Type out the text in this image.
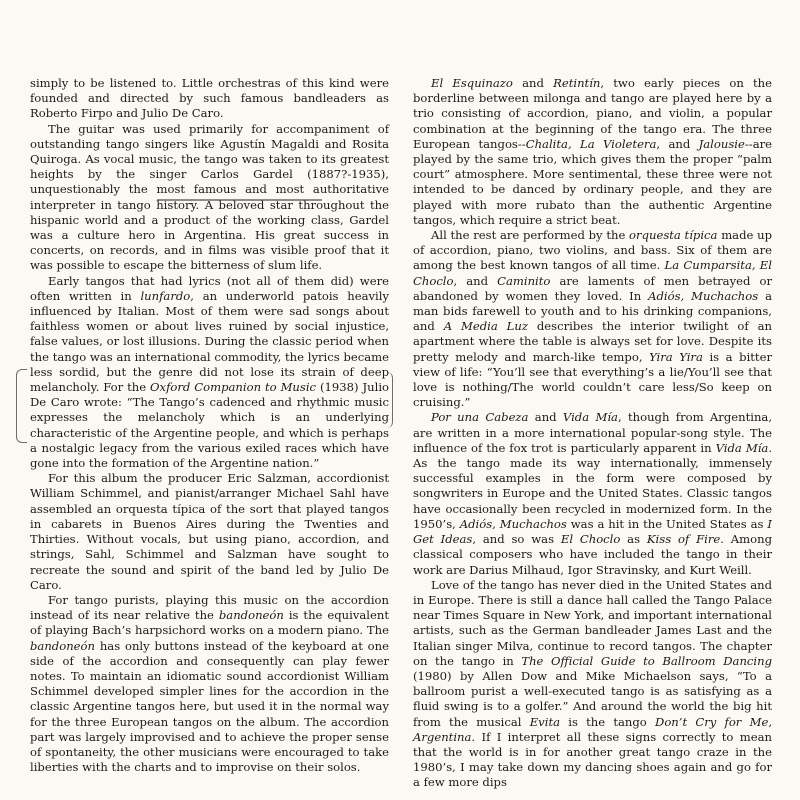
simply to be listened to. Little orchestras of this kind were founded and directed by such famous bandleaders as Roberto Firpo and Julio De Caro.

The guitar was used primarily for accompaniment of outstanding tango singers like Agustín Magaldi and Rosita Quiroga. As vocal music, the tango was taken to its greatest heights by the singer Carlos Gardel (1887?-1935), unquestionably the most famous and most authoritative interpreter in tango history. A beloved star throughout the hispanic world and a product of the working class, Gardel was a culture hero in Argentina. His great success in concerts, on records, and in films was visible proof that it was possible to escape the bitterness of slum life.

Early tangos that had lyrics (not all of them did) were often written in lunfardo, an underworld patois heavily influenced by Italian. Most of them were sad songs about faithless women or about lives ruined by social injustice, false values, or lost illusions. During the classic period when the tango was an international commodity, the lyrics became less sordid, but the genre did not lose its strain of deep melancholy. For the Oxford Companion to Music (1938) Julio De Caro wrote: “The Tango’s cadenced and rhythmic music expresses the melancholy which is an underlying characteristic of the Argentine people, and which is perhaps a nostalgic legacy from the various exiled races which have gone into the formation of the Argentine nation.”

For this album the producer Eric Salzman, accordionist William Schimmel, and pianist/arranger Michael Sahl have assembled an orquesta típica of the sort that played tangos in cabarets in Buenos Aires during the Twenties and Thirties. Without vocals, but using piano, accordion, and strings, Sahl, Schimmel and Salzman have sought to recreate the sound and spirit of the band led by Julio De Caro.

For tango purists, playing this music on the accordion instead of its near relative the bandoneón is the equivalent of playing Bach’s harpsichord works on a modern piano. The bandoneón has only buttons instead of the keyboard at one side of the accordion and consequently can play fewer notes. To maintain an idiomatic sound accordionist William Schimmel developed simpler lines for the accordion in the classic Argentine tangos here, but used it in the normal way for the three European tangos on the album. The accordion part was largely improvised and to achieve the proper sense of spontaneity, the other musicians were encouraged to take liberties with the charts and to improvise on their solos.

El Esquinazo and Retintín, two early pieces on the borderline between milonga and tango are played here by a trio consisting of accordion, piano, and violin, a popular combination at the beginning of the tango era. The three European tangos--Chalita, La Violetera, and Jalousie--are played by the same trio, which gives them the proper “palm court” atmosphere. More sentimental, these three were not intended to be danced by ordinary people, and they are played with more rubato than the authentic Argentine tangos, which require a strict beat.

All the rest are performed by the orquesta típica made up of accordion, piano, two violins, and bass. Six of them are among the best known tangos of all time. La Cumparsita, El Choclo, and Caminito are laments of men betrayed or abandoned by women they loved. In Adiós, Muchachos a man bids farewell to youth and to his drinking companions, and A Media Luz describes the interior twilight of an apartment where the table is always set for love. Despite its pretty melody and march-like tempo, Yira Yira is a bitter view of life: “You’ll see that everything’s a lie/You’ll see that love is nothing/The world couldn’t care less/So keep on cruising.”

Por una Cabeza and Vida Mía, though from Argentina, are written in a more international popular-song style. The influence of the fox trot is particularly apparent in Vida Mía. As the tango made its way internationally, immensely successful examples in the form were composed by songwriters in Europe and the United States. Classic tangos have occasionally been recycled in modernized form. In the 1950’s, Adiós, Muchachos was a hit in the United States as I Get Ideas, and so was El Choclo as Kiss of Fire. Among classical composers who have included the tango in their work are Darius Milhaud, Igor Stravinsky, and Kurt Weill.

Love of the tango has never died in the United States and in Europe. There is still a dance hall called the Tango Palace near Times Square in New York, and important international artists, such as the German bandleader James Last and the Italian singer Milva, continue to record tangos. The chapter on the tango in The Official Guide to Ballroom Dancing (1980) by Allen Dow and Mike Michaelson says, “To a ballroom purist a well-executed tango is as satisfying as a fluid swing is to a golfer.” And around the world the big hit from the musical Evita is the tango Don’t Cry for Me, Argentina. If I interpret all these signs correctly to mean that the world is in for another great tango craze in the 1980’s, I may take down my dancing shoes again and go for a few more dips
